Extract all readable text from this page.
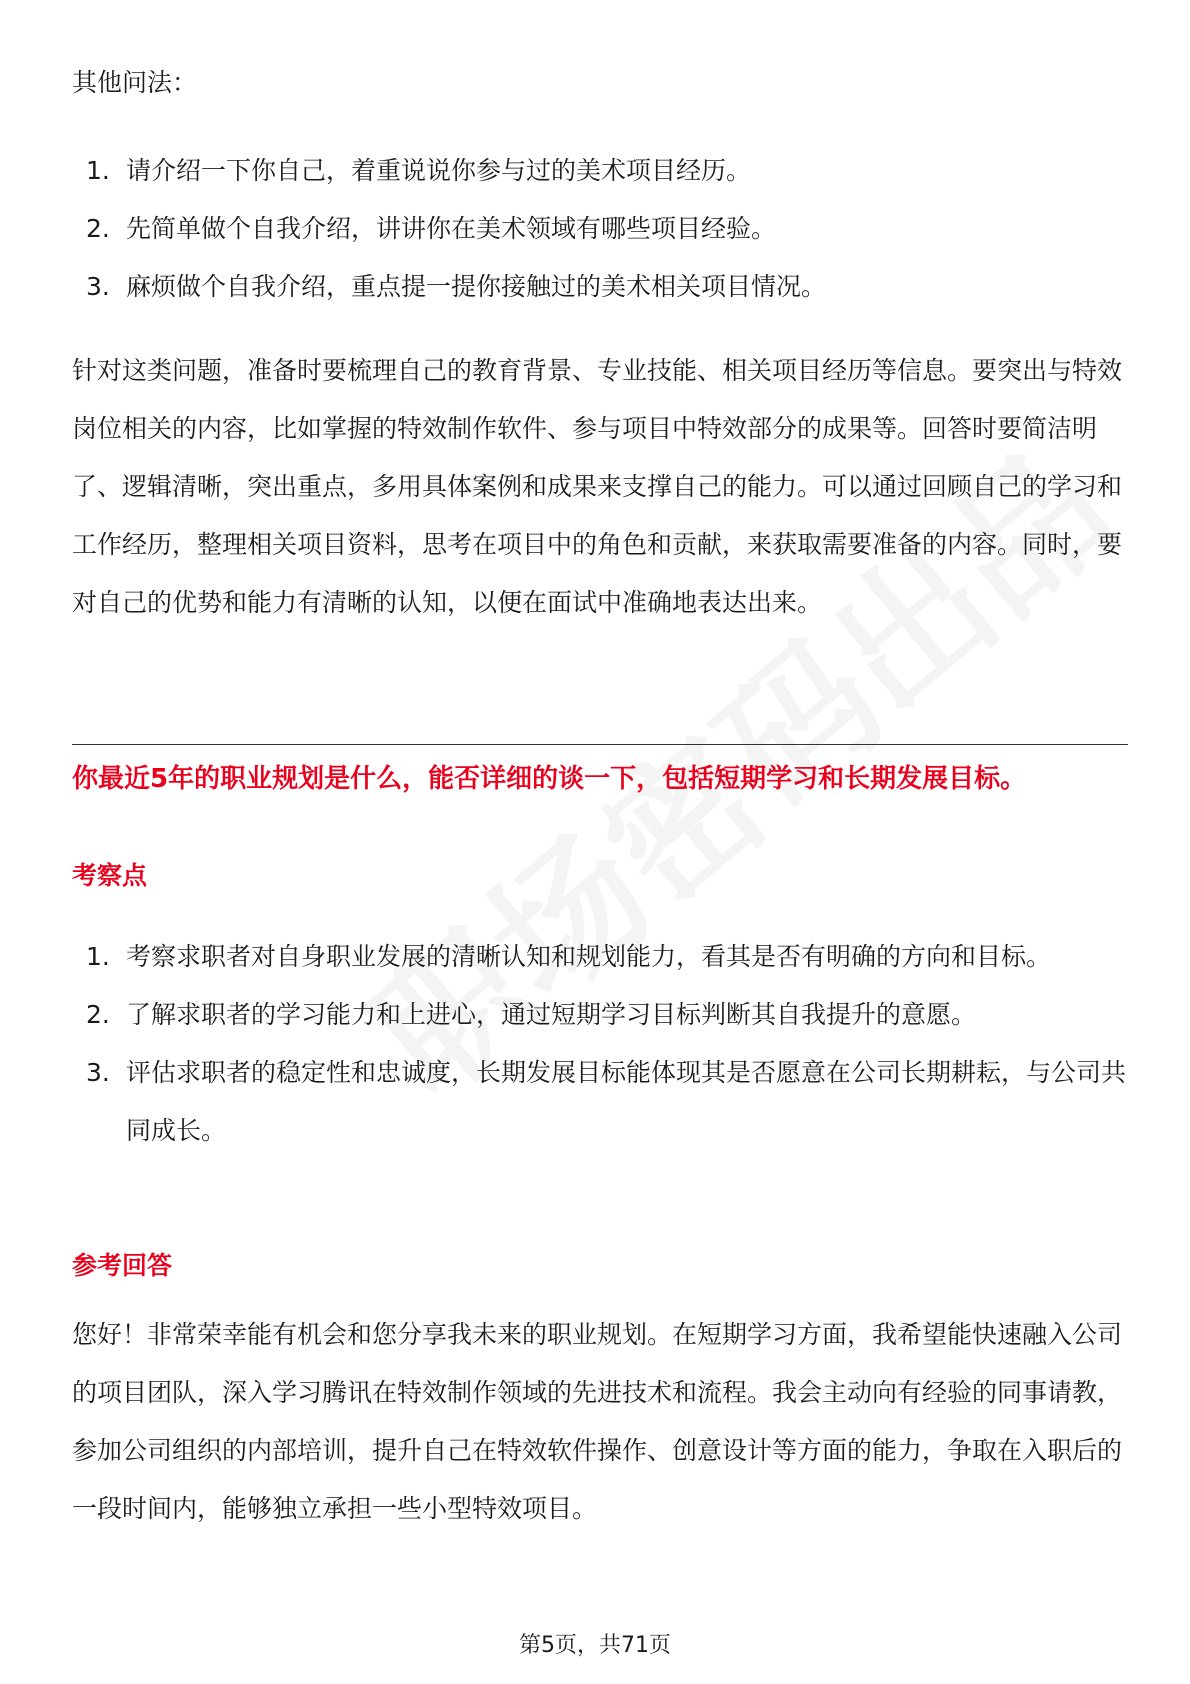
其他问法：

1. 请介绍一下你自己，着重说说你参与过的美术项目经历。
2. 先简单做个自我介绍，讲讲你在美术领域有哪些项目经验。
3. 麻烦做个自我介绍，重点提一提你接触过的美术相关项目情况。

针对这类问题，准备时要梳理自己的教育背景、专业技能、相关项目经历等信息。要突出与特效岗位相关的内容，比如掌握的特效制作软件、参与项目中特效部分的成果等。回答时要简洁明了、逻辑清晰，突出重点，多用具体案例和成果来支撑自己的能力。可以通过回顾自己的学习和工作经历，整理相关项目资料，思考在项目中的角色和贡献，来获取需要准备的内容。同时，要对自己的优势和能力有清晰的认知，以便在面试中准确地表达出来。

你最近5年的职业规划是什么，能否详细的谈一下，包括短期学习和长期发展目标。
考察点
1. 考察求职者对自身职业发展的清晰认知和规划能力，看其是否有明确的方向和目标。
2. 了解求职者的学习能力和上进心，通过短期学习目标判断其自我提升的意愿。
3. 评估求职者的稳定性和忠诚度，长期发展目标能体现其是否愿意在公司长期耕耘，与公司共同成长。
参考回答

您好！非常荣幸能有机会和您分享我未来的职业规划。在短期学习方面，我希望能快速融入公司的项目团队，深入学习腾讯在特效制作领域的先进技术和流程。我会主动向有经验的同事请教，参加公司组织的内部培训，提升自己在特效软件操作、创意设计等方面的能力，争取在入职后的一段时间内，能够独立承担一些小型特效项目。

第5页，共71页
